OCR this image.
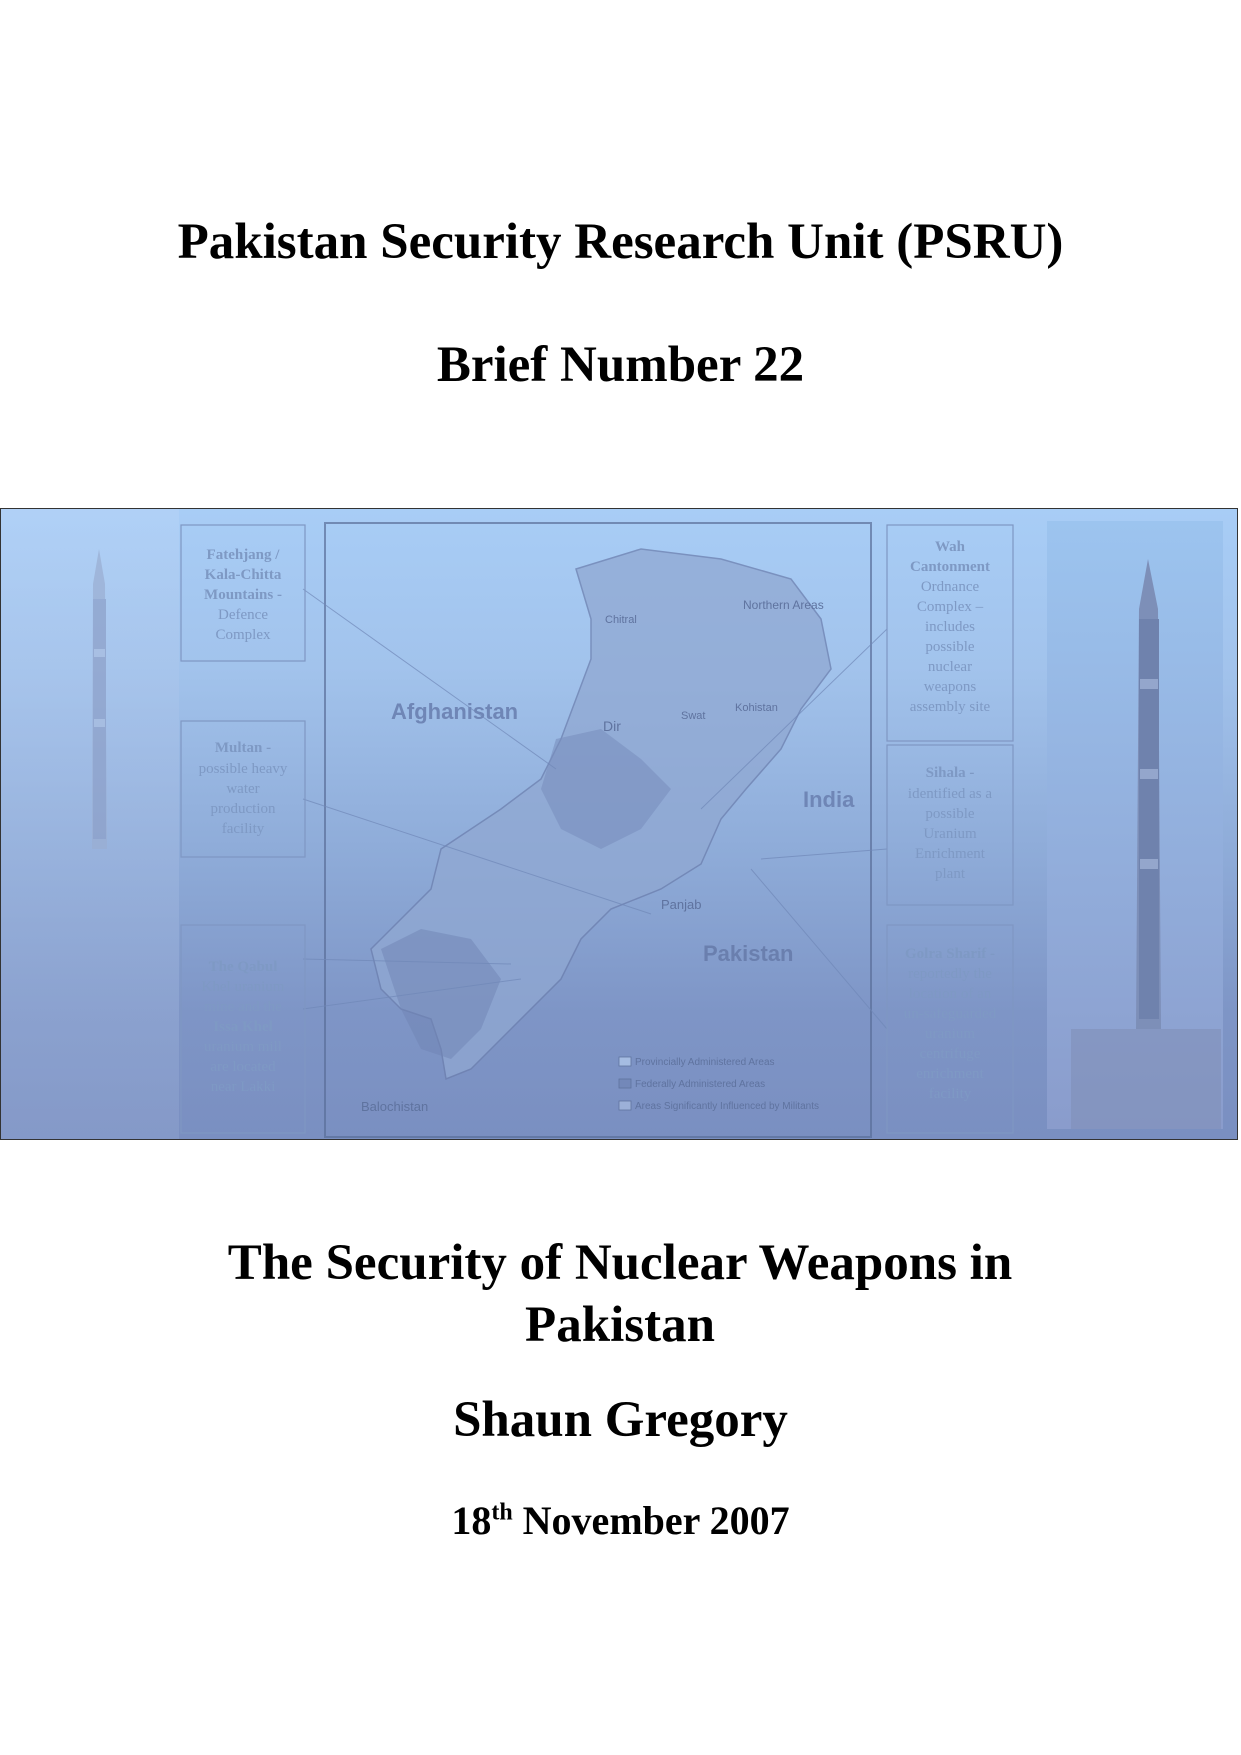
Pakistan Security Research Unit (PSRU)
Brief Number 22
Fatehjang /
Kala-Chitta
Mountains -
Defence
Complex
Multan -
possible heavy
water
production
facility
The Qabul
Khel uranium
mine and the
Issa Khel
uranium mill
are located
near Lakki
Wah
Cantonment
Ordnance
Complex –
includes
possible
nuclear
weapons
assembly site
Sihala -
identified as a
possible
Uranium
Enrichment
plant
Golra Sharif -
reportedly the
location of an
un-safeguarded
uranium
centrifuge
enrichment
facility
Afghanistan
India
Pakistan
Panjab
Balochistan
Northern Areas
Chitral
Dir
Swat
Kohistan
Provincially Administered Areas
Federally Administered Areas
Areas Significantly Influenced by Militants
The Security of Nuclear Weapons in Pakistan
Shaun Gregory
18th November 2007
